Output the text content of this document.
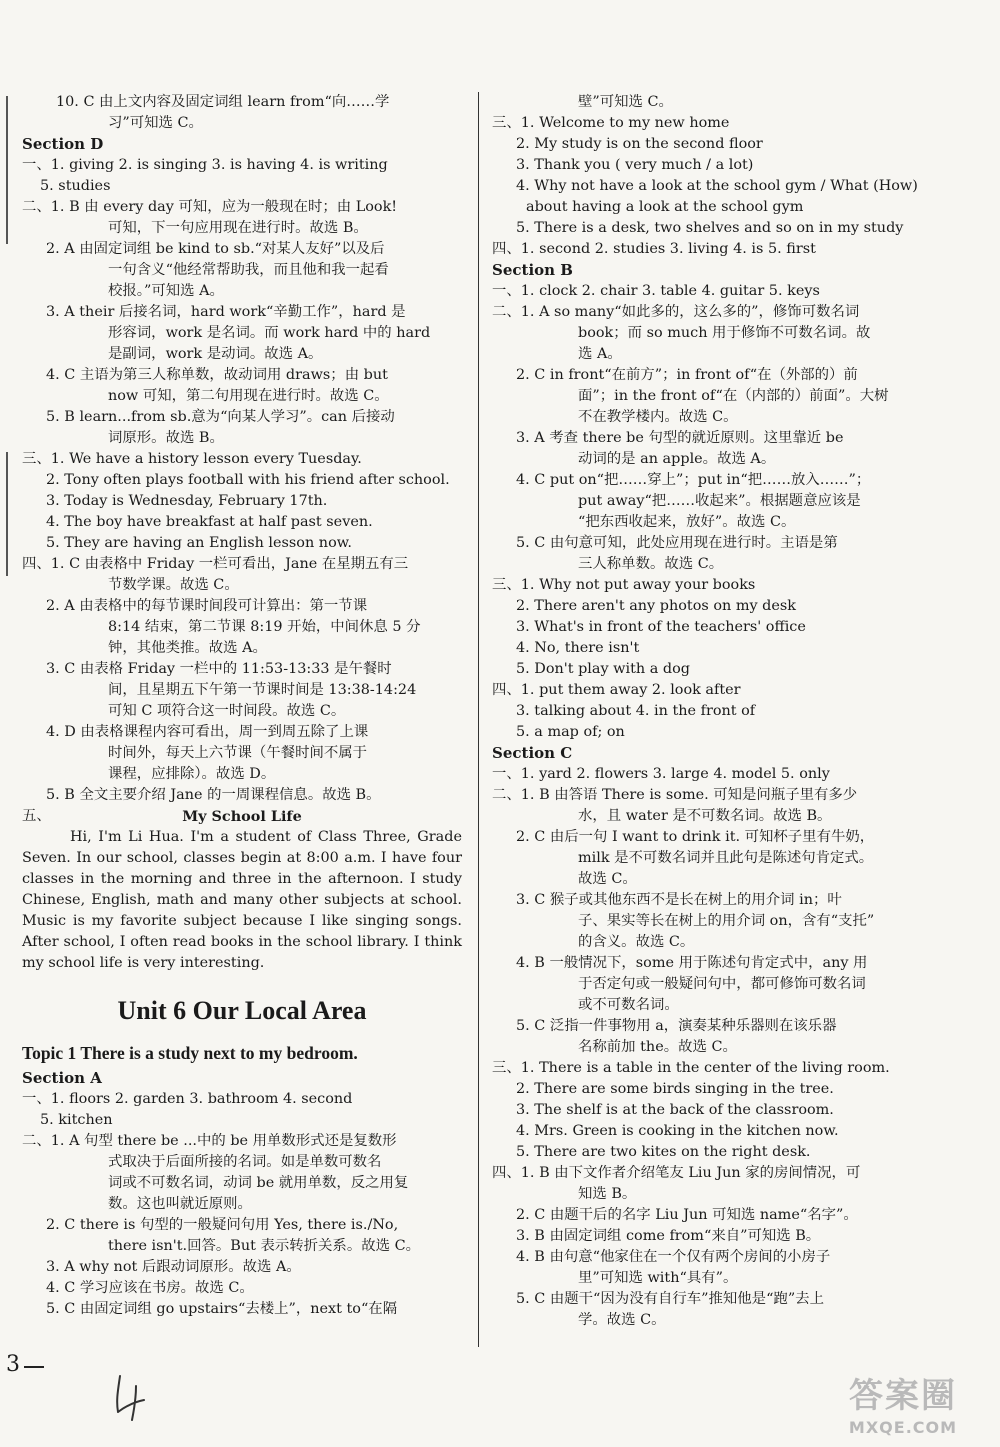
10. C 由上文内容及固定词组 learn from“向……学
习”可知选 C。
Section D
一、1. giving 2. is singing 3. is having 4. is writing
5. studies
二、1. B 由 every day 可知，应为一般现在时；由 Look!
可知，下一句应用现在进行时。故选 B。
2. A 由固定词组 be kind to sb.“对某人友好”以及后
一句含义“他经常帮助我，而且他和我一起看
校报。”可知选 A。
3. A their 后接名词，hard work“辛勤工作”，hard 是
形容词，work 是名词。而 work hard 中的 hard
是副词，work 是动词。故选 A。
4. C 主语为第三人称单数，故动词用 draws；由 but
now 可知，第二句用现在进行时。故选 C。
5. B learn...from sb.意为“向某人学习”。can 后接动
词原形。故选 B。
三、1. We have a history lesson every Tuesday.
2. Tony often plays football with his friend after school.
3. Today is Wednesday, February 17th.
4. The boy have breakfast at half past seven.
5. They are having an English lesson now.
四、1. C 由表格中 Friday 一栏可看出，Jane 在星期五有三
节数学课。故选 C。
2. A 由表格中的每节课时间段可计算出：第一节课
8:14 结束，第二节课 8:19 开始，中间休息 5 分
钟，其他类推。故选 A。
3. C 由表格 Friday 一栏中的 11:53-13:33 是午餐时
间，且星期五下午第一节课时间是 13:38-14:24
可知 C 项符合这一时间段。故选 C。
4. D 由表格课程内容可看出，周一到周五除了上课
时间外，每天上六节课（午餐时间不属于
课程，应排除）。故选 D。
5. B 全文主要介绍 Jane 的一周课程信息。故选 B。
五、	My School Life
Hi, I'm Li Hua. I'm a student of Class Three, Grade Seven. In our school, classes begin at 8:00 a.m. I have four classes in the morning and three in the afternoon. I study Chinese, English, math and many other subjects at school. Music is my favorite subject because I like singing songs. After school, I often read books in the school library. I think my school life is very interesting.
Unit 6 Our Local Area
Topic 1 There is a study next to my bedroom.
Section A
一、1. floors 2. garden 3. bathroom 4. second
5. kitchen
二、1. A 句型 there be ...中的 be 用单数形式还是复数形
式取决于后面所接的名词。如是单数可数名
词或不可数名词，动词 be 就用单数，反之用复
数。这也叫就近原则。
2. C there is 句型的一般疑问句用 Yes, there is./No,
there isn't.回答。But 表示转折关系。故选 C。
3. A why not 后跟动词原形。故选 A。
4. C 学习应该在书房。故选 C。
5. C 由固定词组 go upstairs“去楼上”，next to“在隔
壁”可知选 C。
三、1. Welcome to my new home
2. My study is on the second floor
3. Thank you ( very much / a lot)
4. Why not have a look at the school gym / What (How)
about having a look at the school gym
5. There is a desk, two shelves and so on in my study
四、1. second 2. studies 3. living 4. is 5. first
Section B
一、1. clock 2. chair 3. table 4. guitar 5. keys
二、1. A so many“如此多的，这么多的”，修饰可数名词
book；而 so much 用于修饰不可数名词。故
选 A。
2. C in front“在前方”；in front of“在（外部的）前
面”；in the front of“在（内部的）前面”。大树
不在教学楼内。故选 C。
3. A 考查 there be 句型的就近原则。这里靠近 be
动词的是 an apple。故选 A。
4. C put on“把……穿上”；put in“把……放入……”；
put away“把……收起来”。根据题意应该是
“把东西收起来，放好”。故选 C。
5. C 由句意可知，此处应用现在进行时。主语是第
三人称单数。故选 C。
三、1. Why not put away your books
2. There aren't any photos on my desk
3. What's in front of the teachers' office
4. No, there isn't
5. Don't play with a dog
四、1. put them away 2. look after
3. talking about 4. in the front of
5. a map of; on
Section C
一、1. yard 2. flowers 3. large 4. model 5. only
二、1. B 由答语 There is some. 可知是问瓶子里有多少
水，且 water 是不可数名词。故选 B。
2. C 由后一句 I want to drink it. 可知杯子里有牛奶，
milk 是不可数名词并且此句是陈述句肯定式。
故选 C。
3. C 猴子或其他东西不是长在树上的用介词 in；叶
子、果实等长在树上的用介词 on，含有“支托”
的含义。故选 C。
4. B 一般情况下，some 用于陈述句肯定式中，any 用
于否定句或一般疑问句中，都可修饰可数名词
或不可数名词。
5. C 泛指一件事物用 a，演奏某种乐器则在该乐器
名称前加 the。故选 C。
三、1. There is a table in the center of the living room.
2. There are some birds singing in the tree.
3. The shelf is at the back of the classroom.
4. Mrs. Green is cooking in the kitchen now.
5. There are two kites on the right desk.
四、1. B 由下文作者介绍笔友 Liu Jun 家的房间情况，可
知选 B。
2. C 由题干后的名字 Liu Jun 可知选 name“名字”。
3. B 由固定词组 come from“来自”可知选 B。
4. B 由句意“他家住在一个仅有两个房间的小房子
里”可知选 with“具有”。
5. C 由题干“因为没有自行车”推知他是“跑”去上
学。故选 C。
3
答案圈
MXQE.COM
